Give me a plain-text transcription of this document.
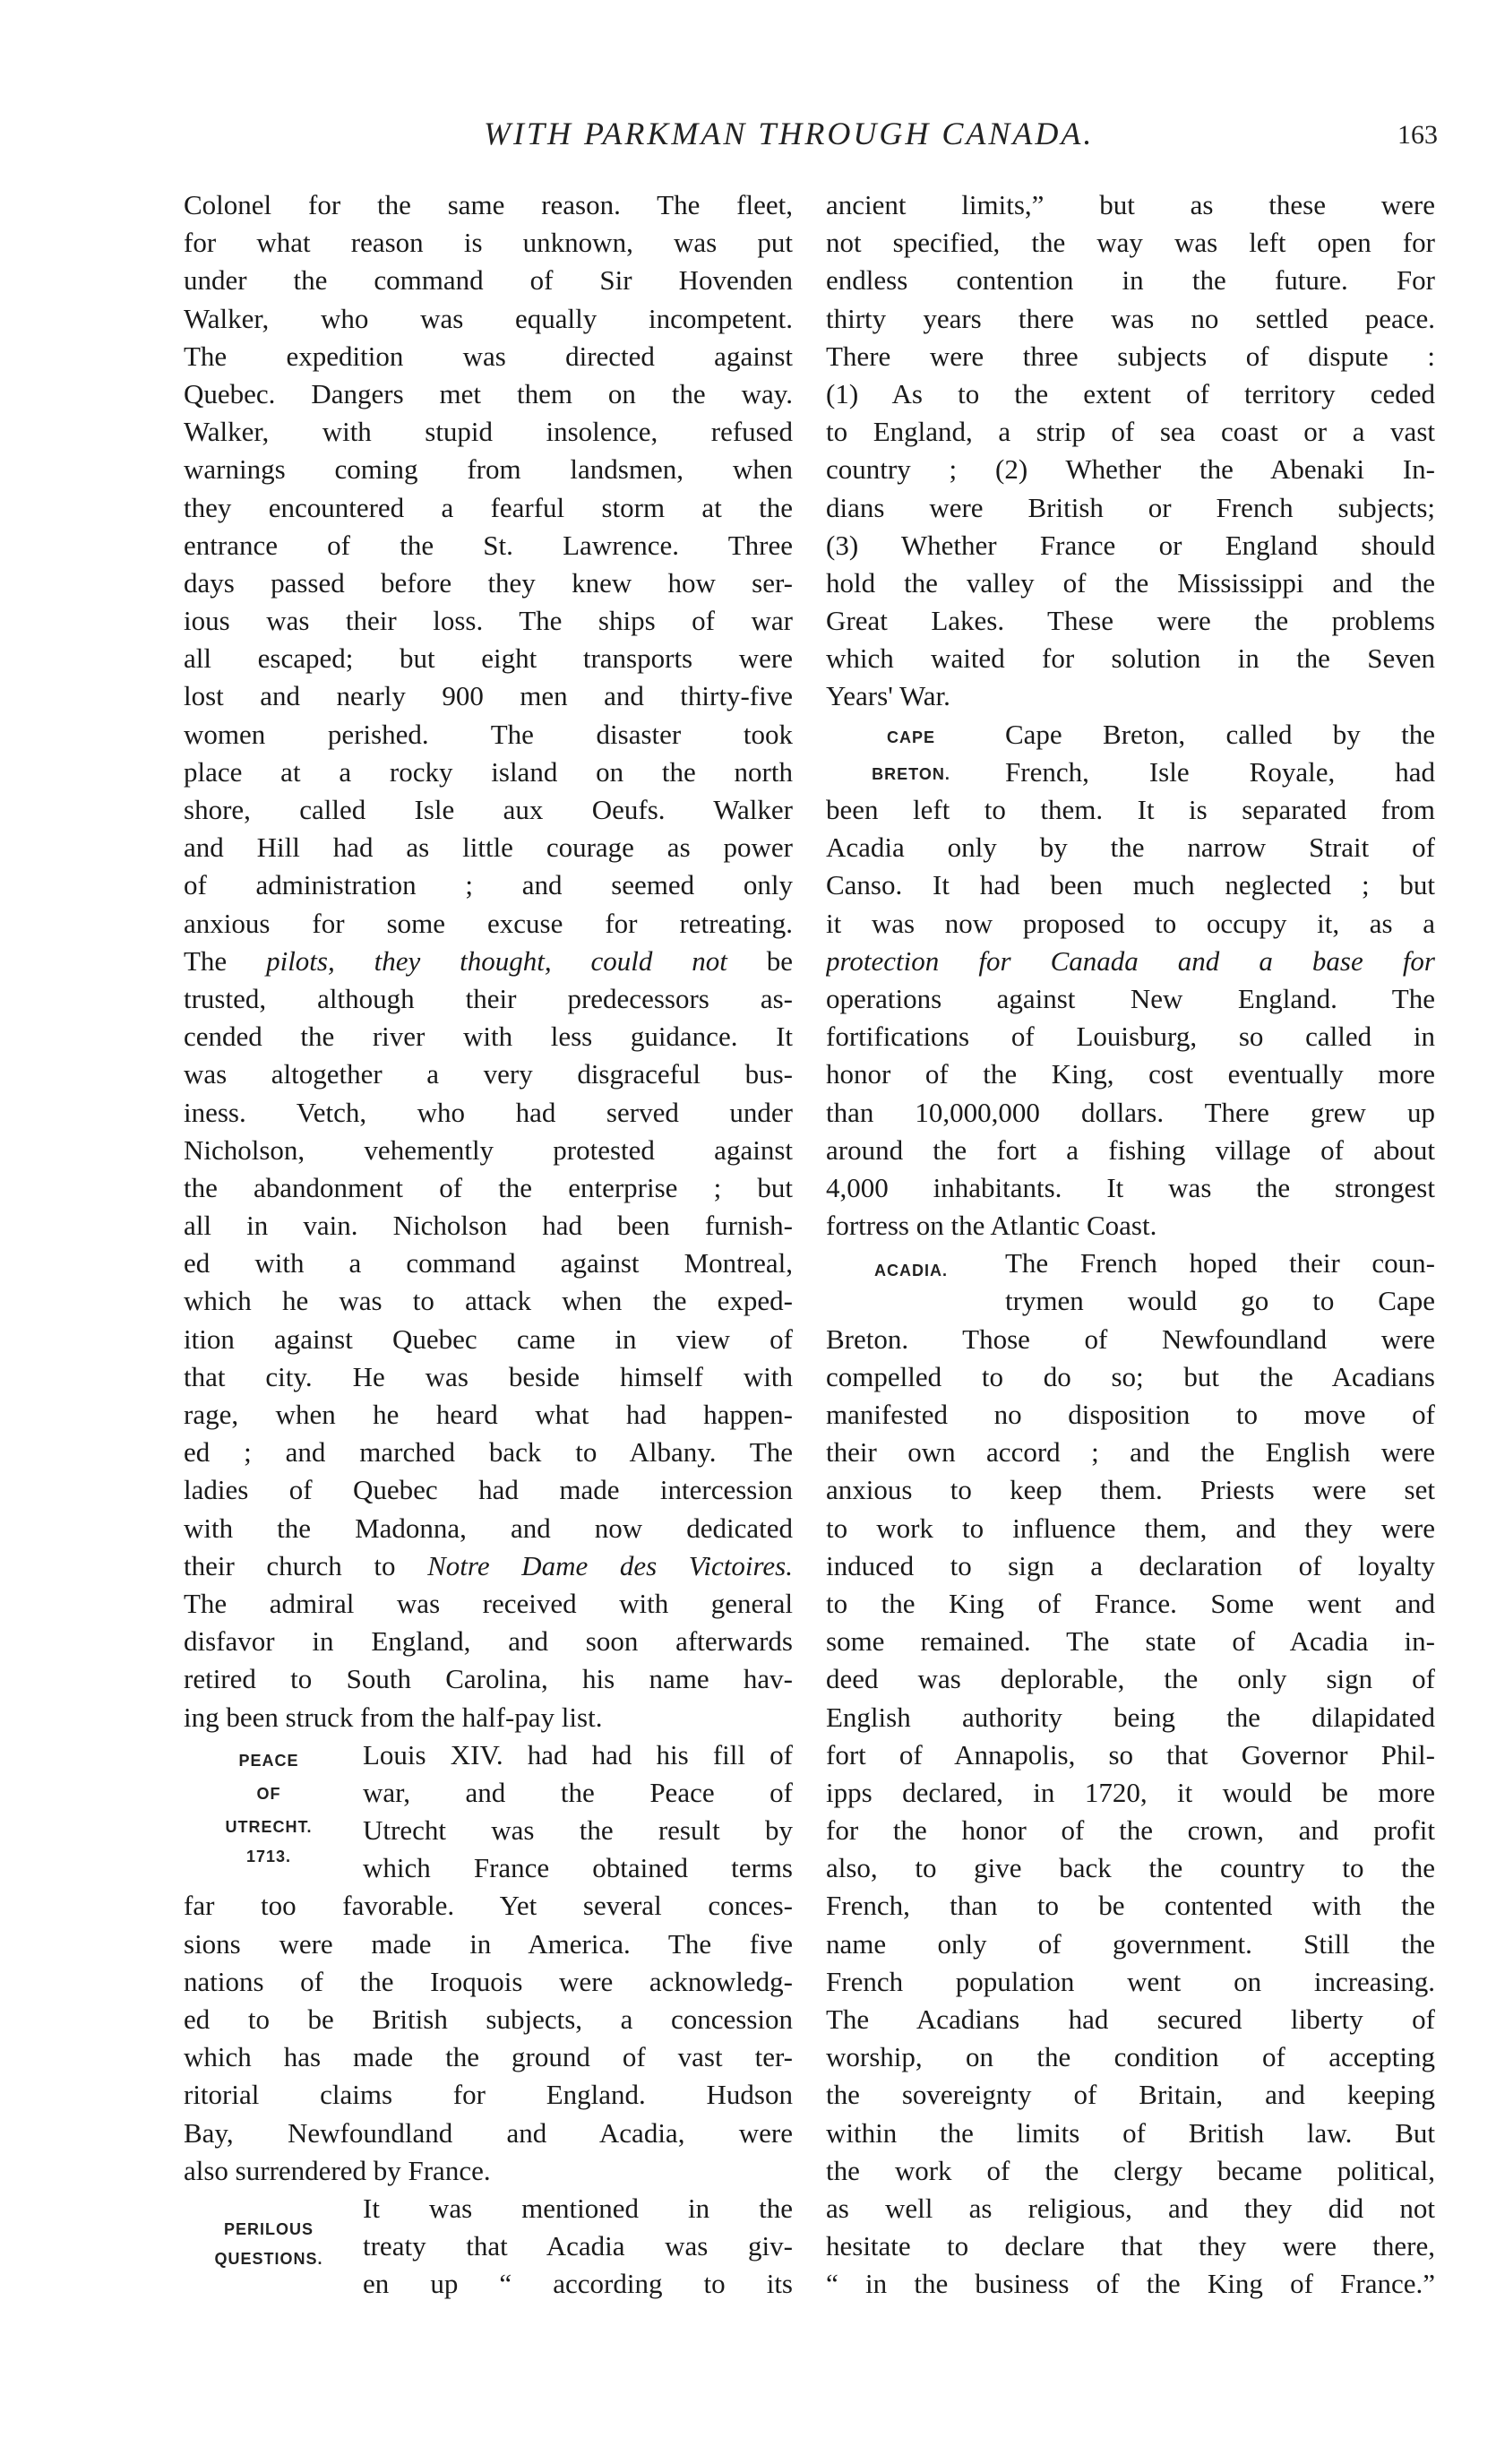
WITH PARKMAN THROUGH CANADA.	163
Colonel for the same reason. The fleet,
for what reason is unknown, was put
under the command of Sir Hovenden
Walker, who was equally incompetent.
The expedition was directed against
Quebec. Dangers met them on the way.
Walker, with stupid insolence, refused
warnings coming from landsmen, when
they encountered a fearful storm at the
entrance of the St. Lawrence. Three
days passed before they knew how ser-
ious was their loss. The ships of war
all escaped; but eight transports were
lost and nearly 900 men and thirty-five
women perished. The disaster took
place at a rocky island on the north
shore, called Isle aux Oeufs. Walker
and Hill had as little courage as power
of administration ; and seemed only
anxious for some excuse for retreating.
The pilots, they thought, could not be
trusted, although their predecessors as-
cended the river with less guidance. It
was altogether a very disgraceful bus-
iness. Vetch, who had served under
Nicholson, vehemently protested against
the abandonment of the enterprise ; but
all in vain. Nicholson had been furnish-
ed with a command against Montreal,
which he was to attack when the exped-
ition against Quebec came in view of
that city. He was beside himself with
rage, when he heard what had happen-
ed ; and marched back to Albany. The
ladies of Quebec had made intercession
with the Madonna, and now dedicated
their church to Notre Dame des Victoires.
The admiral was received with general
disfavor in England, and soon afterwards
retired to South Carolina, his name hav-
ing been struck from the half-pay list.
Louis XIV. had had his fill of
war, and the Peace of
Utrecht was the result by
which France obtained terms
far too favorable. Yet several conces-
sions were made in America. The five
nations of the Iroquois were acknowledg-
ed to be British subjects, a concession
which has made the ground of vast ter-
ritorial claims for England. Hudson
Bay, Newfoundland and Acadia, were
also surrendered by France.
It was mentioned in the
treaty that Acadia was giv-
en up “ according to its
ancient limits,” but as these were
not specified, the way was left open for
endless contention in the future. For
thirty years there was no settled peace.
There were three subjects of dispute :
(1) As to the extent of territory ceded
to England, a strip of sea coast or a vast
country ; (2) Whether the Abenaki In-
dians were British or French subjects;
(3) Whether France or England should
hold the valley of the Mississippi and the
Great Lakes. These were the problems
which waited for solution in the Seven
Years' War.
Cape Breton, called by the
French, Isle Royale, had
been left to them. It is separated from
Acadia only by the narrow Strait of
Canso. It had been much neglected ; but
it was now proposed to occupy it, as a
protection for Canada and a base for
operations against New England. The
fortifications of Louisburg, so called in
honor of the King, cost eventually more
than 10,000,000 dollars. There grew up
around the fort a fishing village of about
4,000 inhabitants. It was the strongest
fortress on the Atlantic Coast.
The French hoped their coun-
trymen would go to Cape
Breton. Those of Newfoundland were
compelled to do so; but the Acadians
manifested no disposition to move of
their own accord ; and the English were
anxious to keep them. Priests were set
to work to influence them, and they were
induced to sign a declaration of loyalty
to the King of France. Some went and
some remained. The state of Acadia in-
deed was deplorable, the only sign of
English authority being the dilapidated
fort of Annapolis, so that Governor Phil-
ipps declared, in 1720, it would be more
for the honor of the crown, and profit
also, to give back the country to the
French, than to be contented with the
name only of government. Still the
French population went on increasing.
The Acadians had secured liberty of
worship, on the condition of accepting
the sovereignty of Britain, and keeping
within the limits of British law. But
the work of the clergy became political,
as well as religious, and they did not
hesitate to declare that they were there,
“ in the business of the King of France.”
PEACE
OF
UTRECHT.
1713.
PERILOUS
QUESTIONS.
CAPE
BRETON.
ACADIA.
